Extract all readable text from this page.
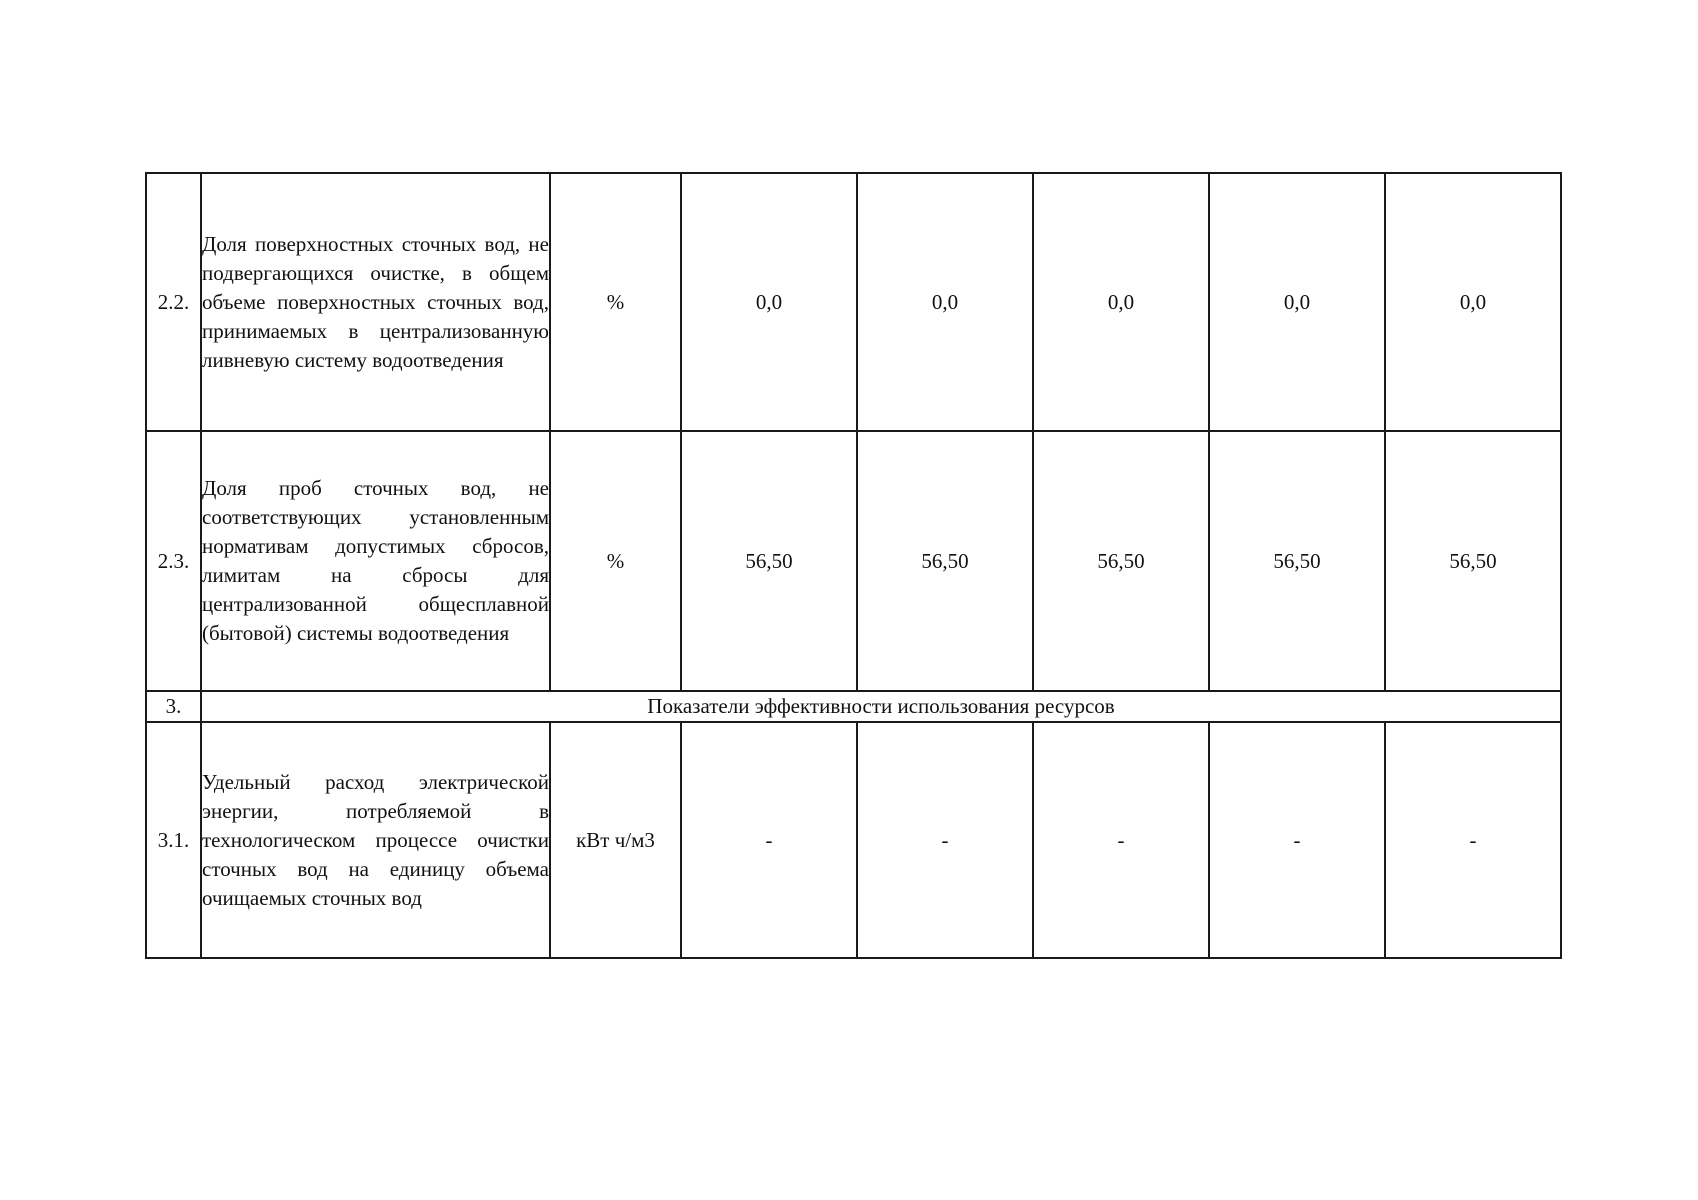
2.2.	Доля поверхностных сточных вод, не подвергающихся очистке, в общем объеме поверхностных сточных вод, принимаемых в централизованную ливневую систему водоотведения	%	0,0	0,0	0,0	0,0	0,0
2.3.	Доля проб сточных вод, не соответствующих установленным нормативам допустимых сбросов, лимитам на сбросы для централизованной общесплавной (бытовой) системы водоотведения	%	56,50	56,50	56,50	56,50	56,50
3.	Показатели эффективности использования ресурсов						
3.1.	Удельный расход электрической энергии, потребляемой в технологическом процессе очистки сточных вод на единицу объема очищаемых сточных вод	кВт ч/м3	-	-	-	-	-
